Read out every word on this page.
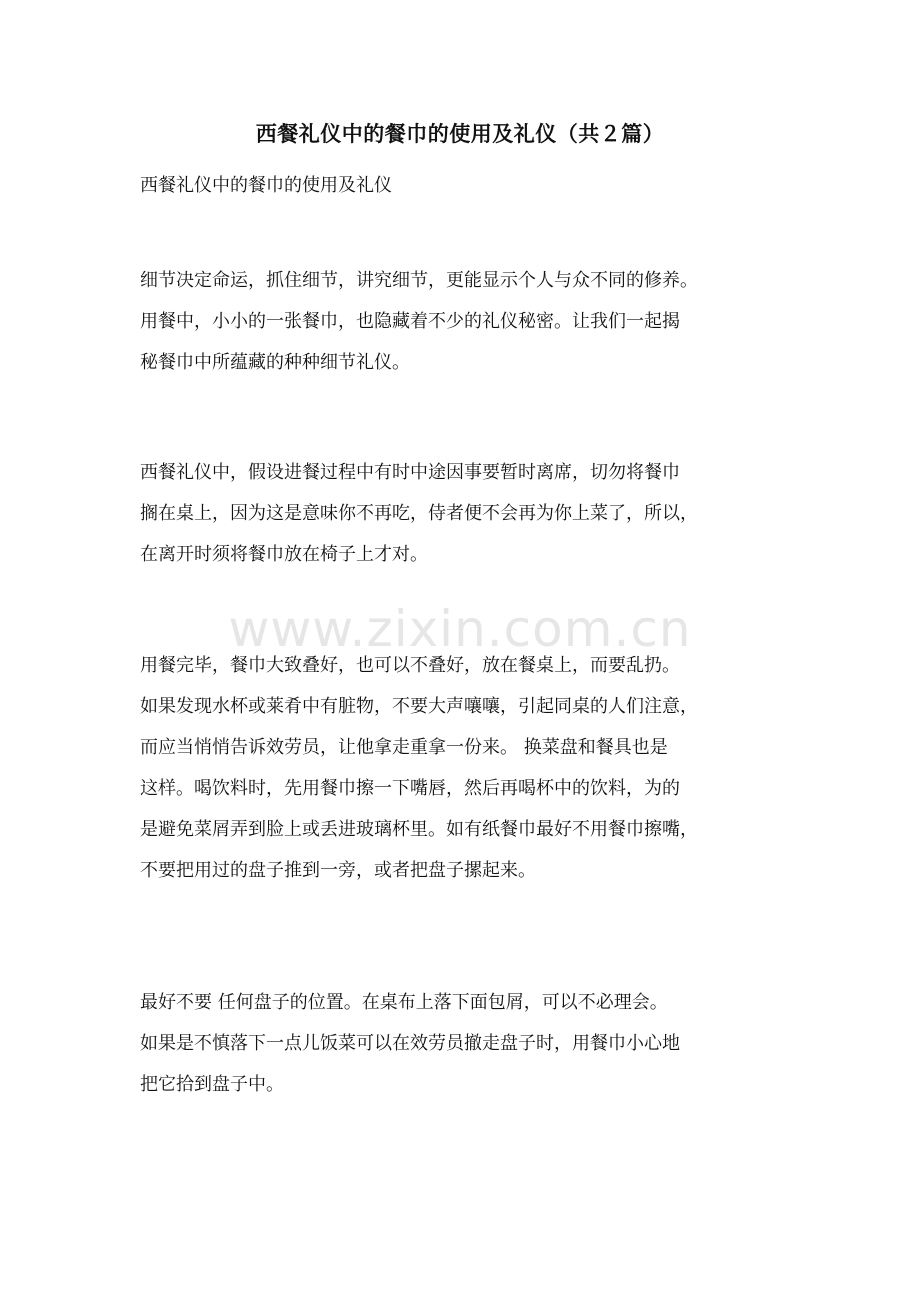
西餐礼仪中的餐巾的使用及礼仪（共２篇）

西餐礼仪中的餐巾的使用及礼仪

细节决定命运，抓住细节，讲究细节，更能显示个人与众不同的修养。
用餐中，小小的一张餐巾，也隐藏着不少的礼仪秘密。让我们一起揭
秘餐巾中所蕴藏的种种细节礼仪。
西餐礼仪中，假设进餐过程中有时中途因事要暂时离席，切勿将餐巾
搁在桌上，因为这是意味你不再吃，侍者便不会再为你上菜了，所以，
在离开时须将餐巾放在椅子上才对。
www.zixin.com.cn
用餐完毕，餐巾大致叠好，也可以不叠好，放在餐桌上，而要乱扔。
如果发现水杯或莱肴中有脏物，不要大声嚷嚷，引起同桌的人们注意，
而应当悄悄告诉效劳员，让他拿走重拿一份来。 换菜盘和餐具也是
这样。喝饮料时，先用餐巾擦一下嘴唇，然后再喝杯中的饮料，为的
是避免菜屑弄到脸上或丢进玻璃杯里。如有纸餐巾最好不用餐巾擦嘴，
不要把用过的盘子推到一旁，或者把盘子摞起来。
最好不要 任何盘子的位置。在桌布上落下面包屑，可以不必理会。
如果是不慎落下一点儿饭菜可以在效劳员撤走盘子时，用餐巾小心地
把它拾到盘子中。
